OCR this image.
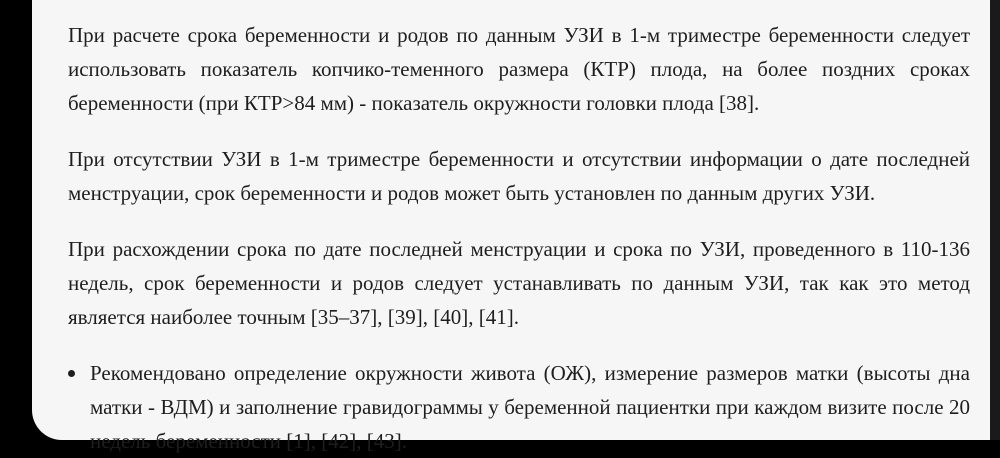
При расчете срока беременности и родов по данным УЗИ в 1-м триместре беременности следует использовать показатель копчико-теменного размера (КТР) плода, на более поздних сроках беременности (при КТР>84 мм) - показатель окружности головки плода [38].

При отсутствии УЗИ в 1-м триместре беременности и отсутствии информации о дате последней менструации, срок беременности и родов может быть установлен по данным других УЗИ.

При расхождении срока по дате последней менструации и срока по УЗИ, проведенного в 110-136 недель, срок беременности и родов следует устанавливать по данным УЗИ, так как это метод является наиболее точным [35–37], [39], [40], [41].

Рекомендовано определение окружности живота (ОЖ), измерение размеров матки (высоты дна матки - ВДМ) и заполнение гравидограммы у беременной пациентки при каждом визите после 20 недель беременности [1], [42], [43].
